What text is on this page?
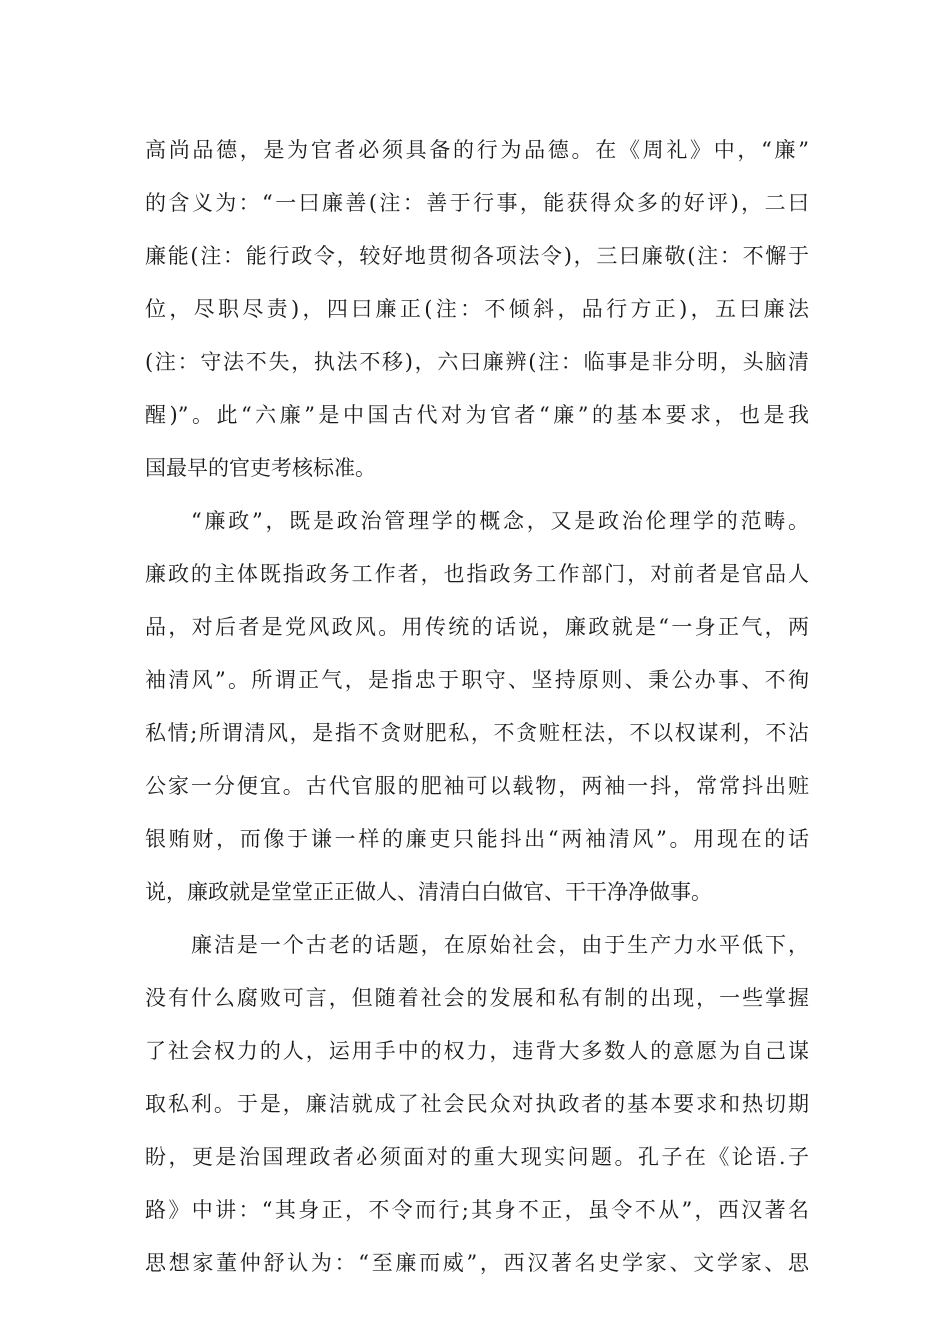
高尚品德，是为官者必须具备的行为品德。在《周礼》中，“廉”
的含义为：“一曰廉善(注：善于行事，能获得众多的好评)，二曰
廉能(注：能行政令，较好地贯彻各项法令)，三曰廉敬(注：不懈于
位，尽职尽责)，四曰廉正(注：不倾斜，品行方正)，五曰廉法
(注：守法不失，执法不移)，六曰廉辨(注：临事是非分明，头脑清
醒)”。此“六廉”是中国古代对为官者“廉”的基本要求，也是我
国最早的官吏考核标准。
“廉政”，既是政治管理学的概念，又是政治伦理学的范畴。
廉政的主体既指政务工作者，也指政务工作部门，对前者是官品人
品，对后者是党风政风。用传统的话说，廉政就是“一身正气，两
袖清风”。所谓正气，是指忠于职守、坚持原则、秉公办事、不徇
私情;所谓清风，是指不贪财肥私，不贪赃枉法，不以权谋利，不沾
公家一分便宜。古代官服的肥袖可以载物，两袖一抖，常常抖出赃
银贿财，而像于谦一样的廉吏只能抖出“两袖清风”。用现在的话
说，廉政就是堂堂正正做人、清清白白做官、干干净净做事。
廉洁是一个古老的话题，在原始社会，由于生产力水平低下，
没有什么腐败可言，但随着社会的发展和私有制的出现，一些掌握
了社会权力的人，运用手中的权力，违背大多数人的意愿为自己谋
取私利。于是，廉洁就成了社会民众对执政者的基本要求和热切期
盼，更是治国理政者必须面对的重大现实问题。孔子在《论语.子
路》中讲：“其身正，不令而行;其身不正，虽令不从”，西汉著名
思想家董仲舒认为：“至廉而威”，西汉著名史学家、文学家、思
